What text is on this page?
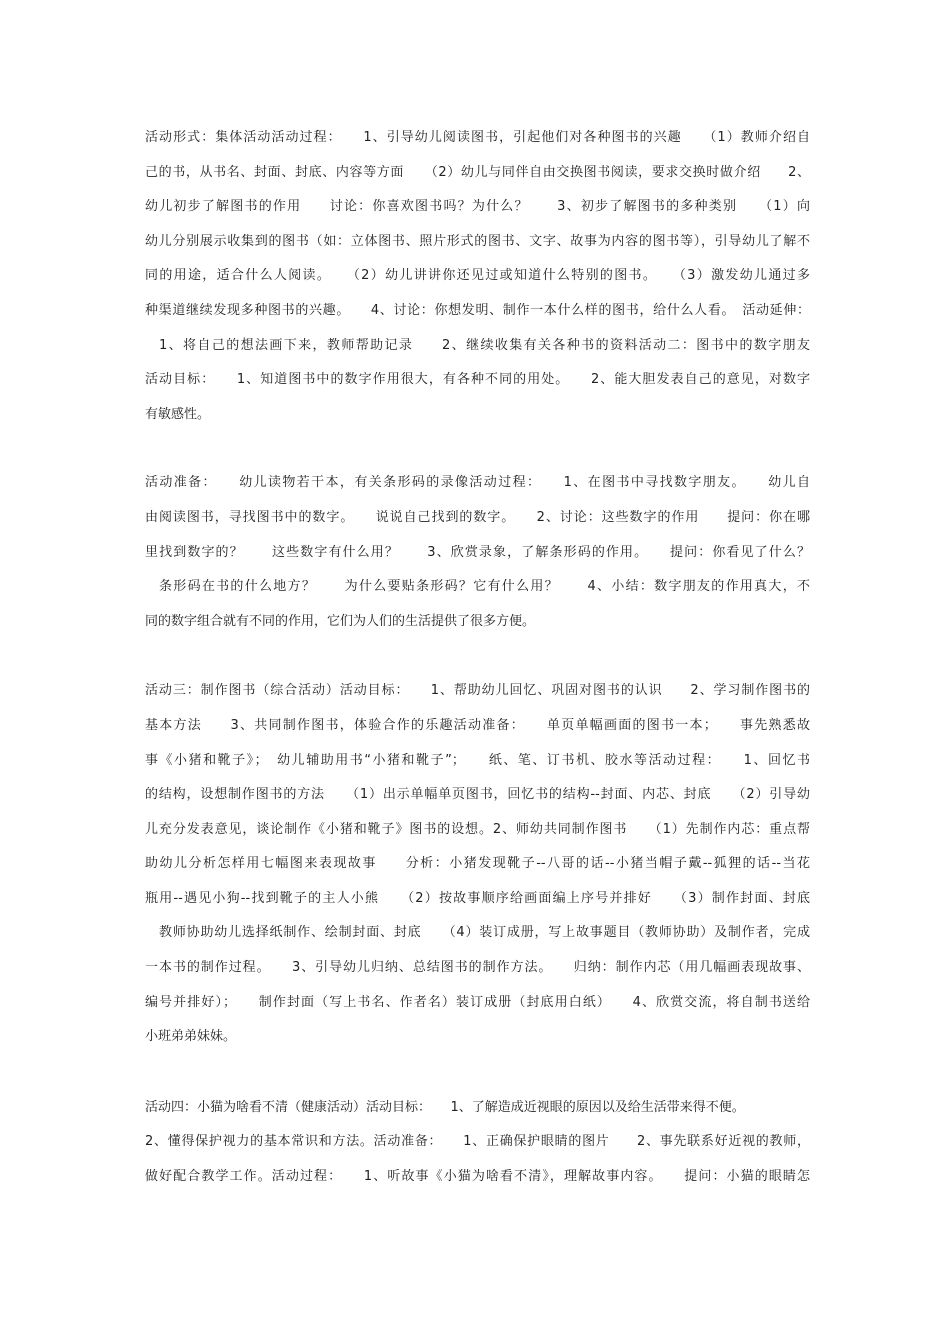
活动形式：集体活动活动过程：　　1、引导幼儿阅读图书，引起他们对各种图书的兴趣　　（1）教师介绍自
己的书，从书名、封面、封底、内容等方面　　（2）幼儿与同伴自由交换图书阅读，要求交换时做介绍　　2、
幼儿初步了解图书的作用　　讨论：你喜欢图书吗？为什么？　　3、初步了解图书的多种类别　　（1）向
幼儿分别展示收集到的图书（如：立体图书、照片形式的图书、文字、故事为内容的图书等），引导幼儿了解不
同的用途，适合什么人阅读。　　（2）幼儿讲讲你还见过或知道什么特别的图书。　　（3）激发幼儿通过多
种渠道继续发现多种图书的兴趣。　　4、讨论：你想发明、制作一本什么样的图书，给什么人看。　活动延伸：
1、将自己的想法画下来，教师帮助记录　　2、继续收集有关各种书的资料活动二：图书中的数字朋友
活动目标：　　1、知道图书中的数字作用很大，有各种不同的用处。　　2、能大胆发表自己的意见，对数字
有敏感性。
活动准备：　　幼儿读物若干本，有关条形码的录像活动过程：　　1、在图书中寻找数字朋友。　　幼儿自
由阅读图书，寻找图书中的数字。　　说说自己找到的数字。　　2、讨论：这些数字的作用　　提问：你在哪
里找到数字的？　　这些数字有什么用？　　3、欣赏录象，了解条形码的作用。　　提问：你看见了什么？
条形码在书的什么地方？　　为什么要贴条形码？它有什么用？　　4、小结：数字朋友的作用真大，不
同的数字组合就有不同的作用，它们为人们的生活提供了很多方便。
活动三：制作图书（综合活动）活动目标：　　1、帮助幼儿回忆、巩固对图书的认识　　2、学习制作图书的
基本方法　　3、共同制作图书，体验合作的乐趣活动准备：　　单页单幅画面的图书一本；　　事先熟悉故
事《小猪和靴子》；　幼儿辅助用书“小猪和靴子”；　　纸、笔、订书机、胶水等活动过程：　　1、回忆书
的结构，设想制作图书的方法　　（1）出示单幅单页图书，回忆书的结构--封面、内芯、封底　　（2）引导幼
儿充分发表意见，谈论制作《小猪和靴子》图书的设想。2、师幼共同制作图书　　（1）先制作内芯：重点帮
助幼儿分析怎样用七幅图来表现故事　　分析：小猪发现靴子--八哥的话--小猪当帽子戴--狐狸的话--当花
瓶用--遇见小狗--找到靴子的主人小熊　　（2）按故事顺序给画面编上序号并排好　　（3）制作封面、封底
教师协助幼儿选择纸制作、绘制封面、封底　　（4）装订成册，写上故事题目（教师协助）及制作者，完成
一本书的制作过程。　　3、引导幼儿归纳、总结图书的制作方法。　　归纳：制作内芯（用几幅画表现故事、
编号并排好）；　　制作封面（写上书名、作者名）装订成册（封底用白纸）　　4、欣赏交流，将自制书送给
小班弟弟妹妹。
活动四：小猫为啥看不清（健康活动）活动目标：　　1、了解造成近视眼的原因以及给生活带来得不便。
2、懂得保护视力的基本常识和方法。活动准备：　　1、正确保护眼睛的图片　　2、事先联系好近视的教师，
做好配合教学工作。活动过程：　　1、听故事《小猫为啥看不清》，理解故事内容。　　提问：小猫的眼睛怎
